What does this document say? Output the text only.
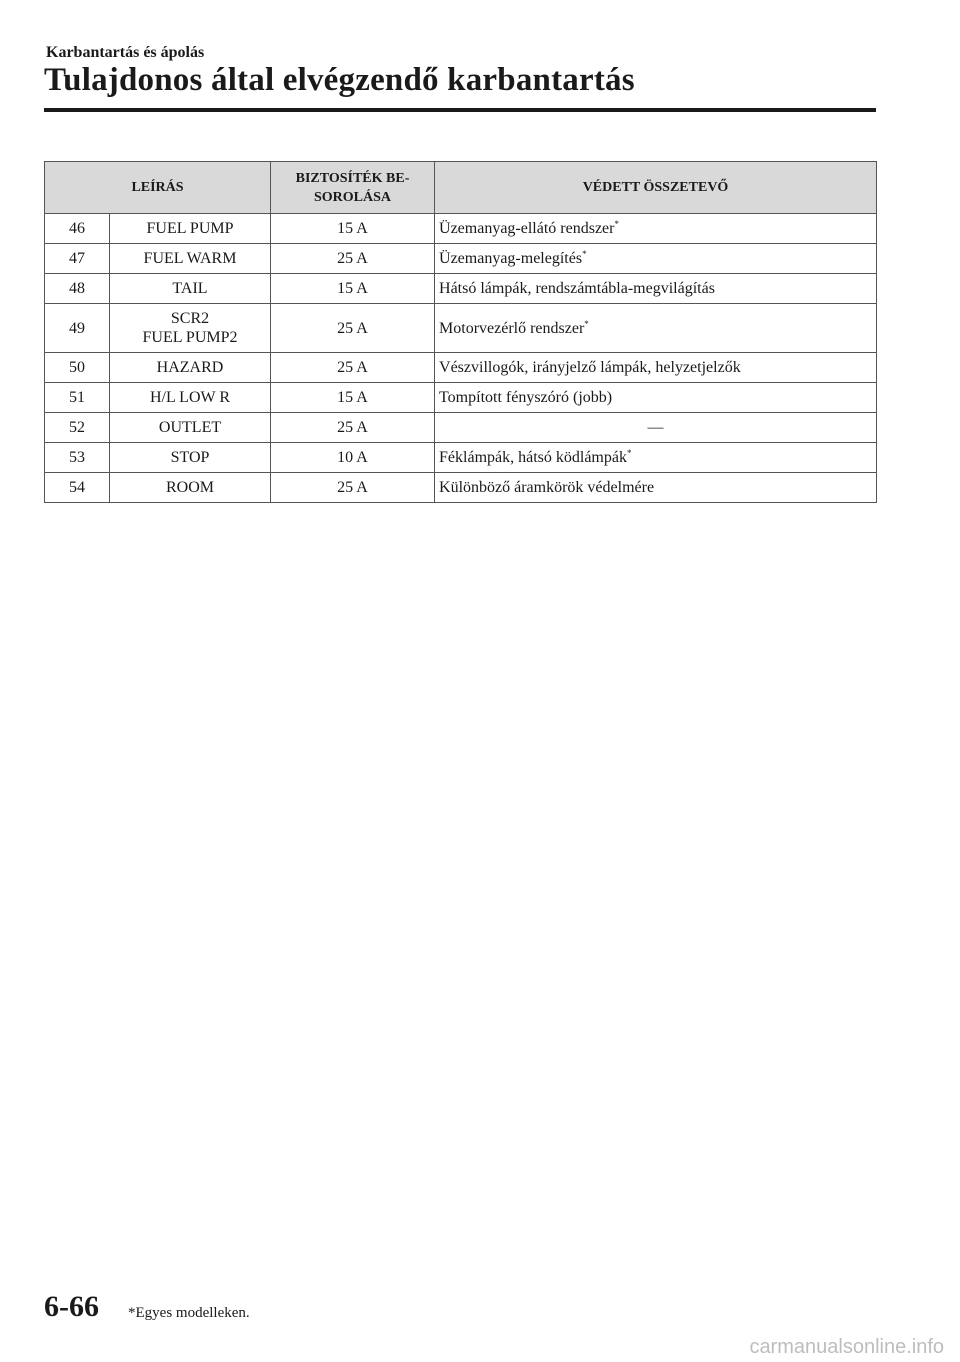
Karbantartás és ápolás
Tulajdonos által elvégzendő karbantartás
LEÍRÁS		BIZTOSÍTÉK BE-SOROLÁSA	VÉDETT ÖSSZETEVŐ
46	FUEL PUMP	15 A	Üzemanyag-ellátó rendszer*
47	FUEL WARM	25 A	Üzemanyag-melegítés*
48	TAIL	15 A	Hátsó lámpák, rendszámtábla-megvilágítás
49	SCR2
FUEL PUMP2	25 A	Motorvezérlő rendszer*
50	HAZARD	25 A	Vészvillogók, irányjelző lámpák, helyzetjelzők
51	H/L LOW R	15 A	Tompított fényszóró (jobb)
52	OUTLET	25 A	―
53	STOP	10 A	Féklámpák, hátsó ködlámpák*
54	ROOM	25 A	Különböző áramkörök védelmére
6-66 *Egyes modelleken.
carmanualsonline.info
